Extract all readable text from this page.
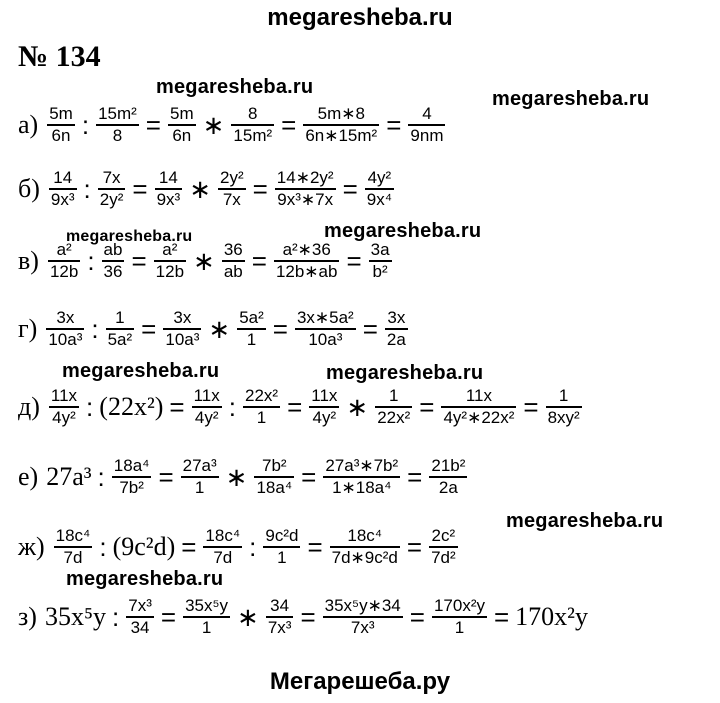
megaresheba.ru
№ 134
megaresheba.ru
megaresheba.ru
megaresheba.ru	megaresheba.ru
megaresheba.ru	megaresheba.ru
megaresheba.ru
megaresheba.ru
$а) \frac{5m}{6n}$ : $\frac{\text{15m²}}{8} = \frac{5m}{6n}$ ∗ $\frac{8}{\text{15m²}} = \frac{5m∗8}{\text{6n∗15m²}} = \frac{4}{9nm}$
$б) \frac{14}{\text{9x³}}$ : $\frac{7x}{\text{2y²}} = \frac{14}{\text{9x³}}$ ∗ $\frac{\text{2y²}}{7x} = \frac{\text{14∗2y²}}{\text{9x³∗7x}} = \frac{\text{4y²}}{\text{9x⁴}}$
$в) \frac{\text{a²}}{12b}$ : $\frac{ab}{36} = \frac{\text{a²}}{12b}$ ∗ $\frac{36}{ab} = \frac{\text{a²∗36}}{12b∗ab} = \frac{3a}{\text{b²}}$
$г) \frac{3x}{\text{10a³}}$ : $\frac{1}{\text{5a²}} = \frac{3x}{\text{10a³}}$ ∗ $\frac{\text{5a²}}{1} = \frac{\text{3x∗5a²}}{\text{10a³}} = \frac{3x}{2a}$
$д) \frac{11x}{\text{4y²}}$ : $(22x^2) = \frac{11x}{\text{4y²}}$ : $\frac{\text{22x²}}{1} = \frac{11x}{\text{4y²}}$ ∗ $\frac{1}{\text{22x²}} = \frac{11x}{\text{4y²∗22x²}} = \frac{1}{\text{8xy²}}$
е) 27a³ : $\frac{\text{18a⁴}}{\text{7b²}} = \frac{\text{27a³}}{1}$ ∗ $\frac{\text{7b²}}{\text{18a⁴}} = \frac{\text{27a³∗7b²}}{\text{1∗18a⁴}} = \frac{\text{21b²}}{2a}$
$ж) \frac{\text{18c⁴}}{7d}$ : $(9c^2d) = \frac{\text{18c⁴}}{7d}$ : $\frac{\text{9c²d}}{1} = \frac{\text{18c⁴}}{\text{7d∗9c²d}} = \frac{\text{2c²}}{\text{7d²}}$
з) 35x⁵y : $\frac{\text{7x³}}{34} = \frac{\text{35x⁵y}}{1}$ ∗ $\frac{34}{\text{7x³}} = \frac{\text{35x⁵y∗34}}{\text{7x³}} = \frac{\text{170x²y}}{1} = 170x^2y$
Мегарешеба.ру
